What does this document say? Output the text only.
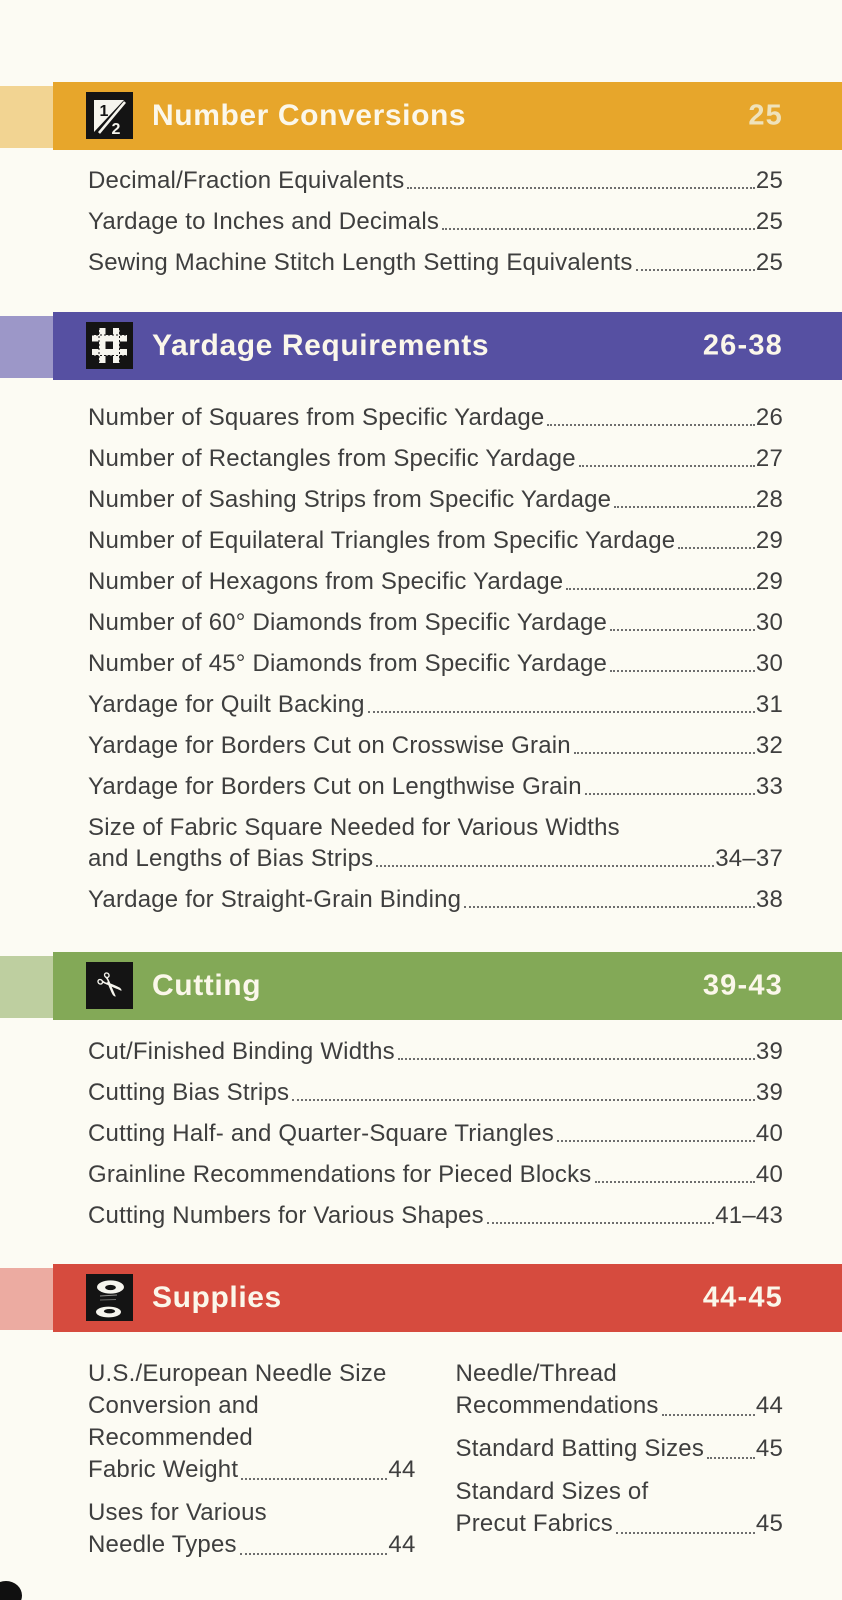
1
2 Number Conversions	25
Decimal/Fraction Equivalents	25
Yardage to Inches and Decimals	25
Sewing Machine Stitch Length Setting Equivalents	25
Yardage Requirements	26-38
Number of Squares from Specific Yardage	26
Number of Rectangles from Specific Yardage	27
Number of Sashing Strips from Specific Yardage	28
Number of Equilateral Triangles from Specific Yardage	29
Number of Hexagons from Specific Yardage	29
Number of 60° Diamonds from Specific Yardage	30
Number of 45° Diamonds from Specific Yardage	30
Yardage for Quilt Backing	31
Yardage for Borders Cut on Crosswise Grain	32
Yardage for Borders Cut on Lengthwise Grain	33
Size of Fabric Square Needed for Various Widths
and Lengths of Bias Strips	34–37
Yardage for Straight-Grain Binding	38
✂ Cutting	39-43
Cut/Finished Binding Widths	39
Cutting Bias Strips	39
Cutting Half- and Quarter-Square Triangles	40
Grainline Recommendations for Pieced Blocks	40
Cutting Numbers for Various Shapes	41–43
Supplies	44-45
U.S./European Needle Size
Conversion and Recommended
Fabric Weight	44
Uses for Various
Needle Types	44
Needle/Thread
Recommendations	44
Standard Batting Sizes 45
Standard Sizes of
Precut Fabrics	45
